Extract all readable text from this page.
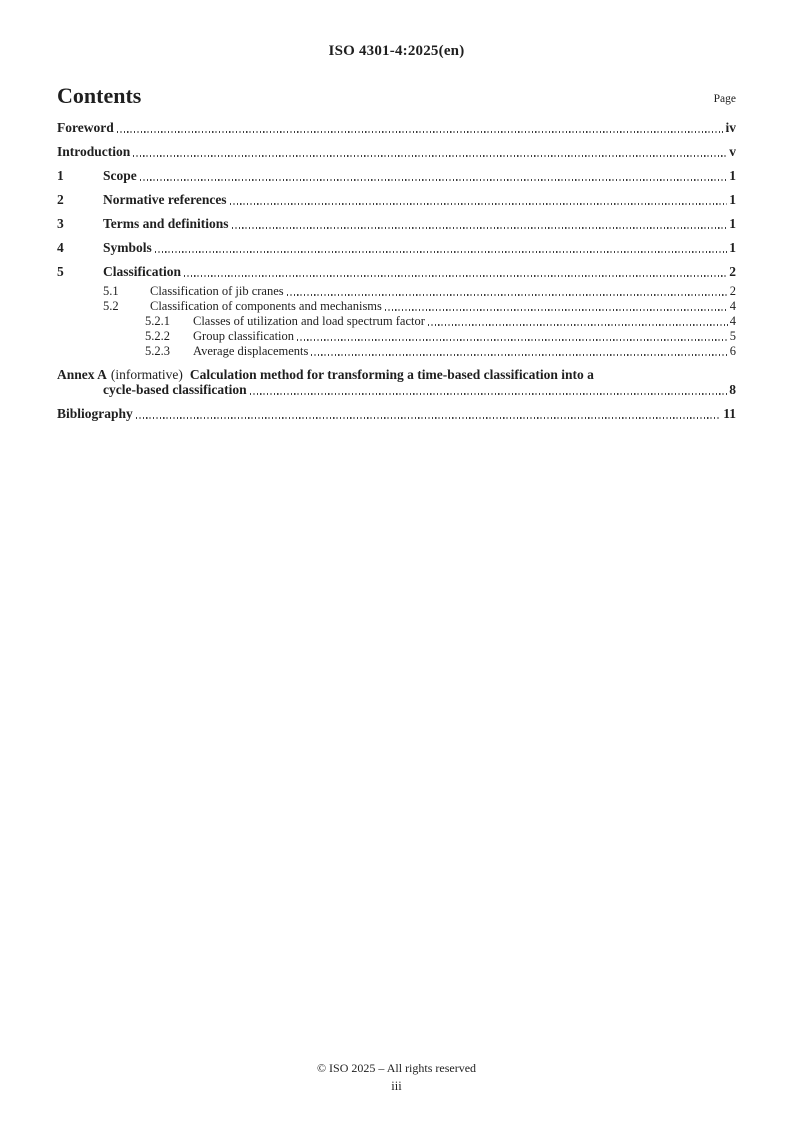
ISO 4301-4:2025(en)
Contents	Page
Foreword	iv
Introduction	v
1	Scope	1
2	Normative references	1
3	Terms and definitions	1
4	Symbols	1
5	Classification	2
5.1	Classification of jib cranes	2
5.2	Classification of components and mechanisms	4
5.2.1	Classes of utilization and load spectrum factor	4
5.2.2	Group classification	5
5.2.3	Average displacements	6
Annex A (informative) Calculation method for transforming a time-based classification into a
cycle-based classification	8
Bibliography	11
© ISO 2025 – All rights reserved
iii
